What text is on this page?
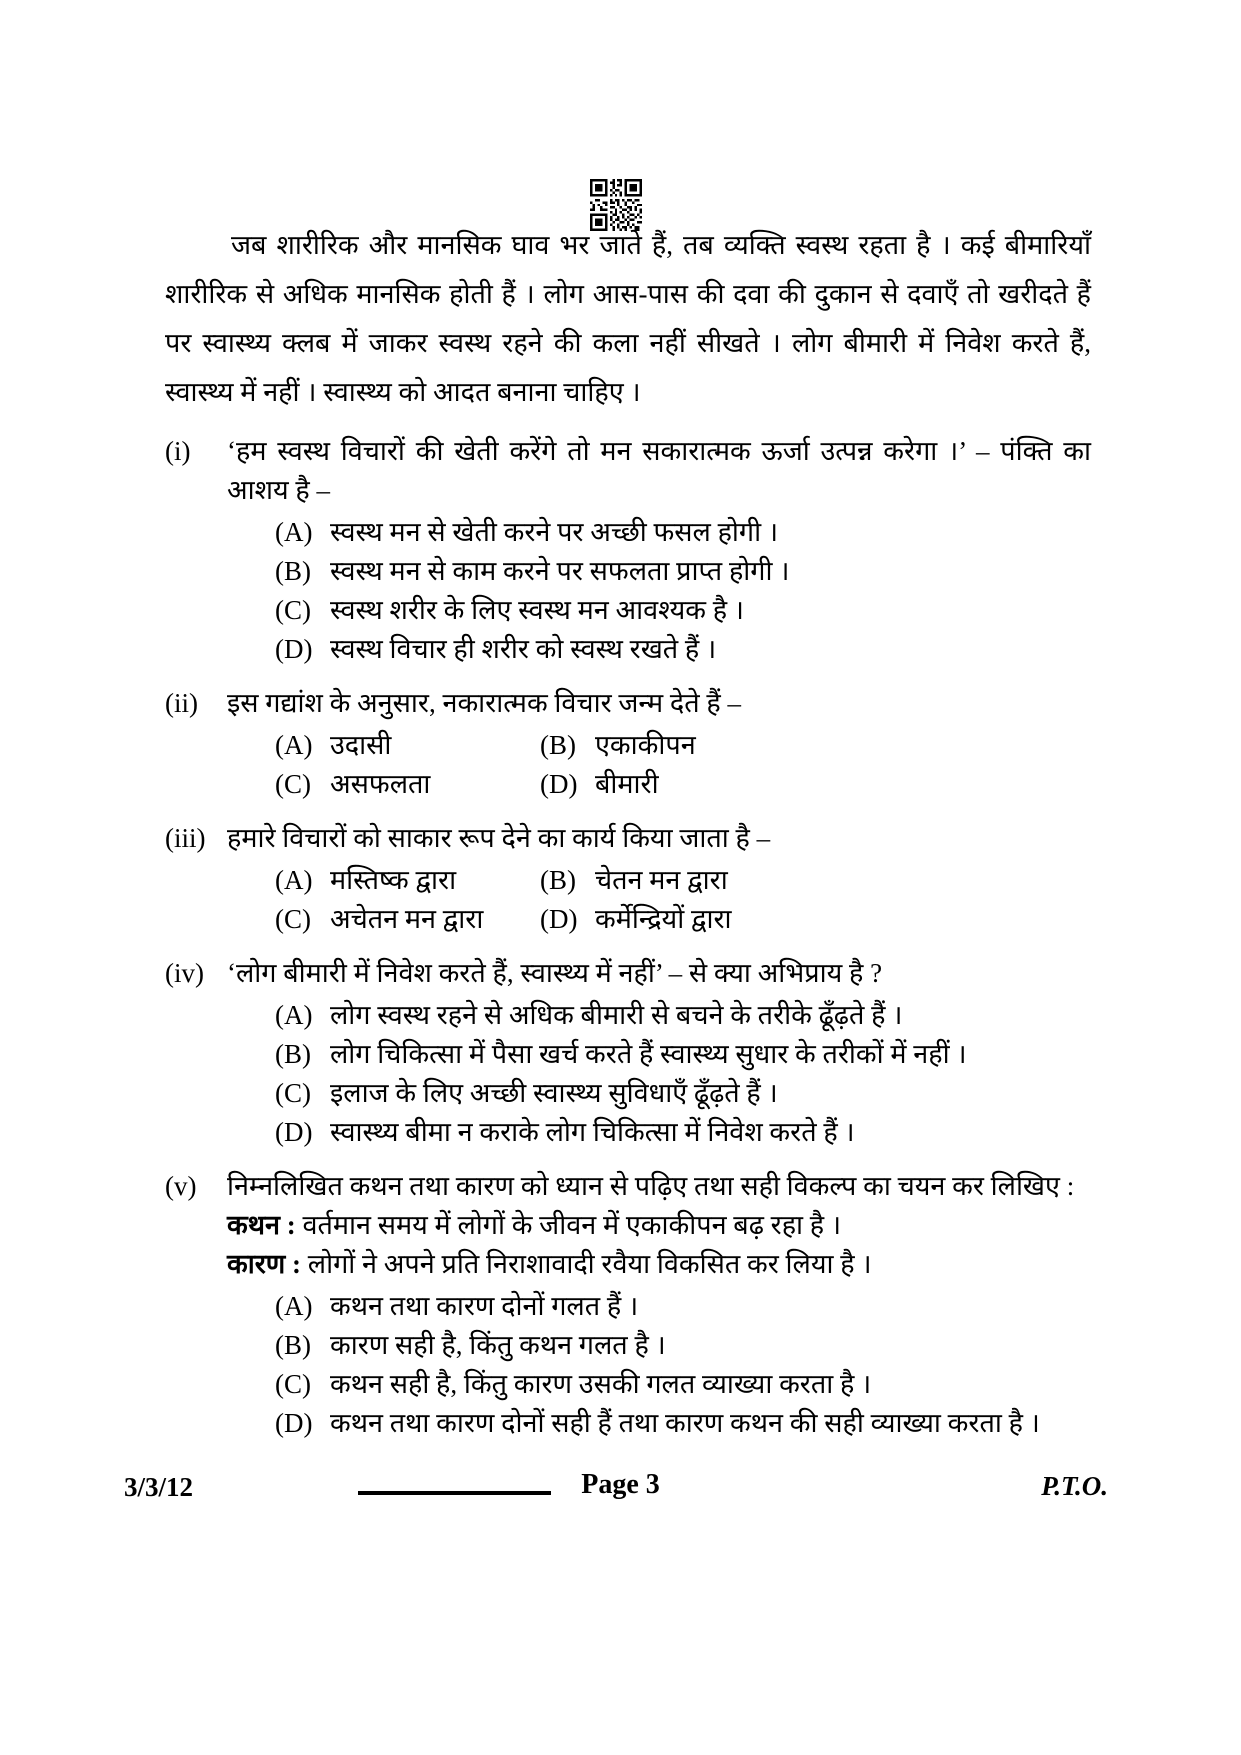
जब शारीरिक और मानसिक घाव भर जाते हैं, तब व्यक्ति स्वस्थ रहता है । कई बीमारियाँ
शारीरिक से अधिक मानसिक होती हैं । लोग आस-पास की दवा की दुकान से दवाएँ तो खरीदते हैं
पर स्वास्थ्य क्लब में जाकर स्वस्थ रहने की कला नहीं सीखते । लोग बीमारी में निवेश करते हैं,
स्वास्थ्य में नहीं । स्वास्थ्य को आदत बनाना चाहिए ।
(i)	‘हम स्वस्थ विचारों की खेती करेंगे तो मन सकारात्मक ऊर्जा उत्पन्न करेगा ।’ – पंक्ति का आशय है –
(A) स्वस्थ मन से खेती करने पर अच्छी फसल होगी ।
(B) स्वस्थ मन से काम करने पर सफलता प्राप्त होगी ।
(C) स्वस्थ शरीर के लिए स्वस्थ मन आवश्यक है ।
(D) स्वस्थ विचार ही शरीर को स्वस्थ रखते हैं ।
(ii)	इस गद्यांश के अनुसार, नकारात्मक विचार जन्म देते हैं –
(A) उदासी	(B) एकाकीपन
(C) असफलता	(D) बीमारी
(iii) हमारे विचारों को साकार रूप देने का कार्य किया जाता है –
(A) मस्तिष्क द्वारा	(B) चेतन मन द्वारा
(C) अचेतन मन द्वारा	(D) कर्मेन्द्रियों द्वारा
(iv) ‘लोग बीमारी में निवेश करते हैं, स्वास्थ्य में नहीं’ – से क्या अभिप्राय है ?
(A) लोग स्वस्थ रहने से अधिक बीमारी से बचने के तरीके ढूँढ़ते हैं ।
(B) लोग चिकित्सा में पैसा खर्च करते हैं स्वास्थ्य सुधार के तरीकों में नहीं ।
(C) इलाज के लिए अच्छी स्वास्थ्य सुविधाएँ ढूँढ़ते हैं ।
(D) स्वास्थ्य बीमा न कराके लोग चिकित्सा में निवेश करते हैं ।
(v)	निम्नलिखित कथन तथा कारण को ध्यान से पढ़िए तथा सही विकल्प का चयन कर लिखिए :
कथन : वर्तमान समय में लोगों के जीवन में एकाकीपन बढ़ रहा है ।
कारण : लोगों ने अपने प्रति निराशावादी रवैया विकसित कर लिया है ।
(A) कथन तथा कारण दोनों गलत हैं ।
(B) कारण सही है, किंतु कथन गलत है ।
(C) कथन सही है, किंतु कारण उसकी गलत व्याख्या करता है ।
(D) कथन तथा कारण दोनों सही हैं तथा कारण कथन की सही व्याख्या करता है ।
3/3/12	Page 3	P.T.O.
